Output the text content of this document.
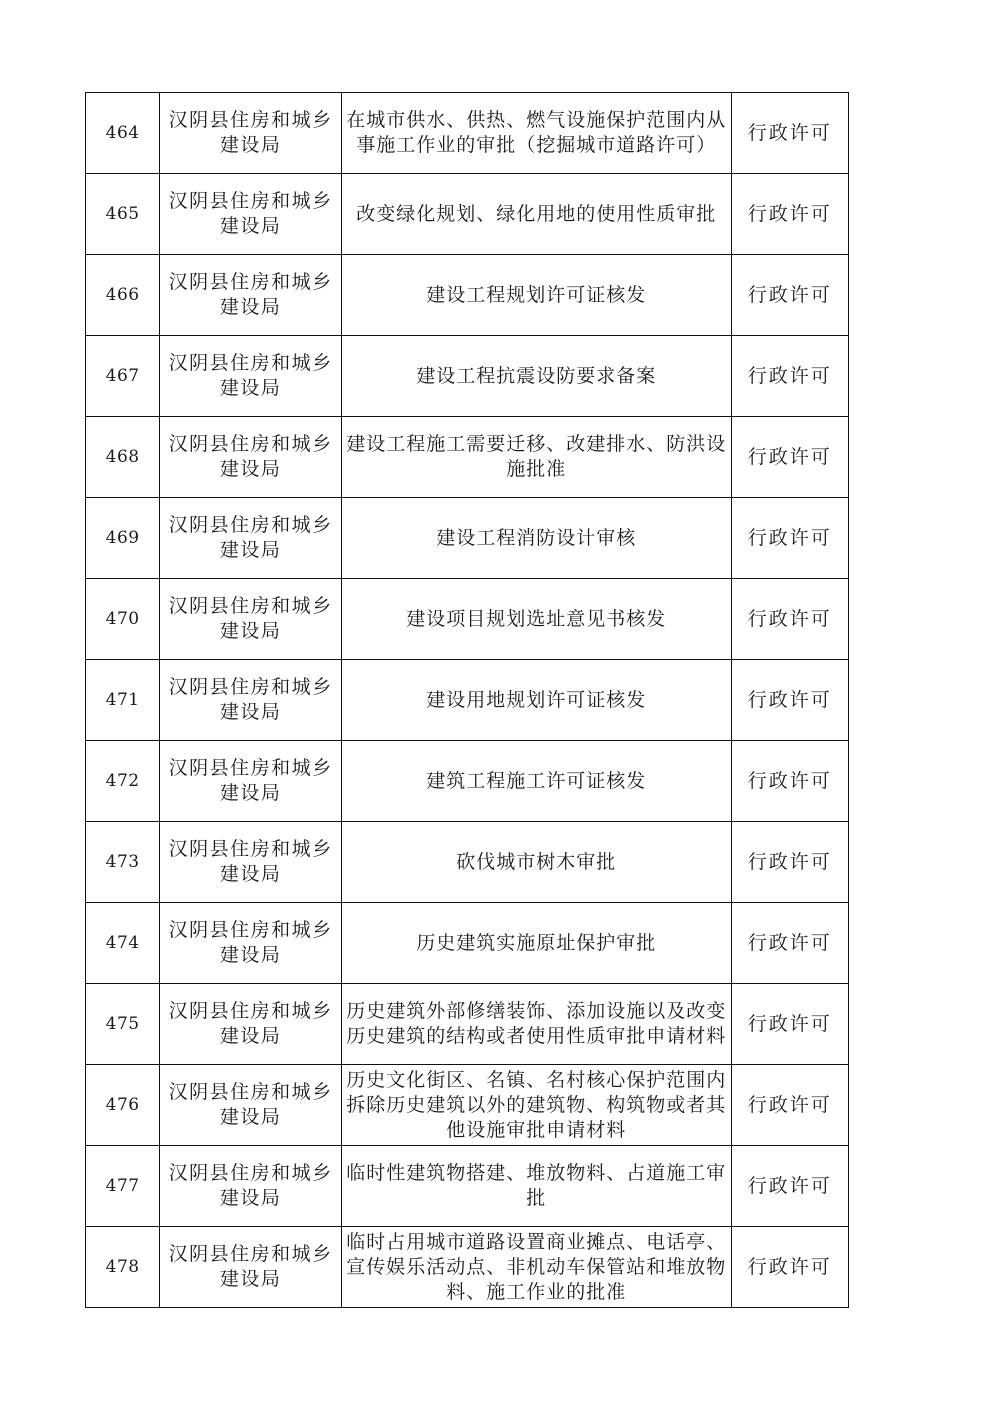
464	汉阴县住房和城乡建设局	在城市供水、供热、燃气设施保护范围内从事施工作业的审批（挖掘城市道路许可）	行政许可
465	汉阴县住房和城乡建设局	改变绿化规划、绿化用地的使用性质审批	行政许可
466	汉阴县住房和城乡建设局	建设工程规划许可证核发	行政许可
467	汉阴县住房和城乡建设局	建设工程抗震设防要求备案	行政许可
468	汉阴县住房和城乡建设局	建设工程施工需要迁移、改建排水、防洪设施批准	行政许可
469	汉阴县住房和城乡建设局	建设工程消防设计审核	行政许可
470	汉阴县住房和城乡建设局	建设项目规划选址意见书核发	行政许可
471	汉阴县住房和城乡建设局	建设用地规划许可证核发	行政许可
472	汉阴县住房和城乡建设局	建筑工程施工许可证核发	行政许可
473	汉阴县住房和城乡建设局	砍伐城市树木审批	行政许可
474	汉阴县住房和城乡建设局	历史建筑实施原址保护审批	行政许可
475	汉阴县住房和城乡建设局	历史建筑外部修缮装饰、添加设施以及改变历史建筑的结构或者使用性质审批申请材料	行政许可
476	汉阴县住房和城乡建设局	历史文化街区、名镇、名村核心保护范围内拆除历史建筑以外的建筑物、构筑物或者其他设施审批申请材料	行政许可
477	汉阴县住房和城乡建设局	临时性建筑物搭建、堆放物料、占道施工审批	行政许可
478	汉阴县住房和城乡建设局	临时占用城市道路设置商业摊点、电话亭、宣传娱乐活动点、非机动车保管站和堆放物料、施工作业的批准	行政许可
